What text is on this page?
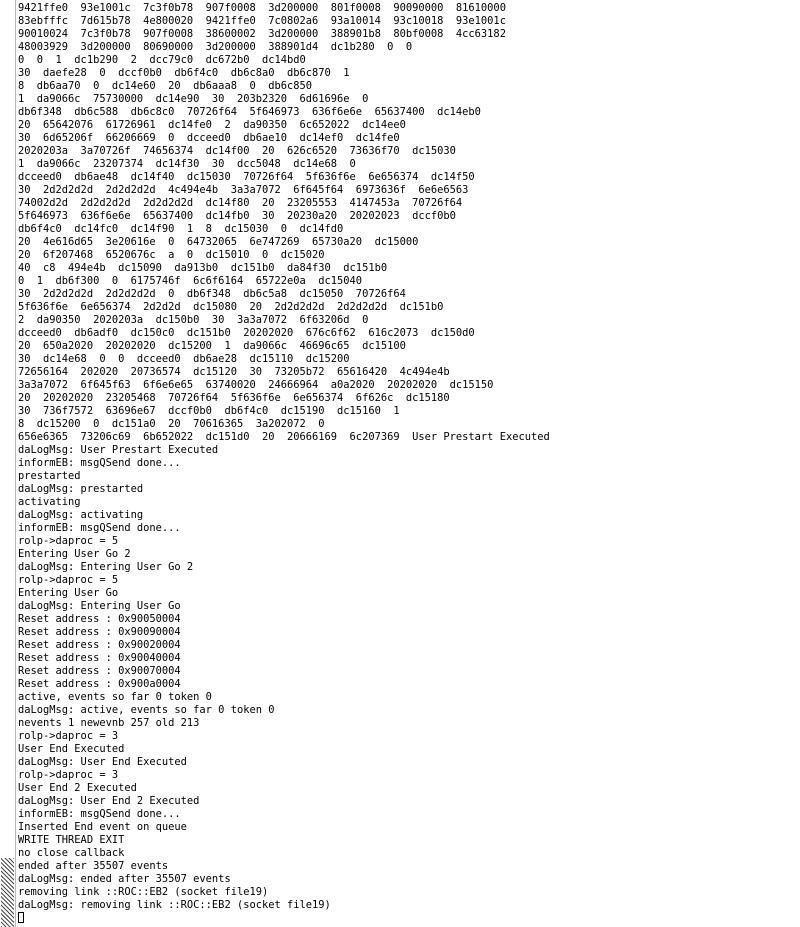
9421ffe0  93e1001c  7c3f0b78  907f0008  3d200000  801f0008  90090000  81610000
83ebfffc  7d615b78  4e800020  9421ffe0  7c0802a6  93a10014  93c10018  93e1001c
90010024  7c3f0b78  907f0008  38600002  3d200000  388901b8  80bf0008  4cc63182
48003929  3d200000  80690000  3d200000  388901d4  dc1b280  0  0
0  0  1  dc1b290  2  dcc79c0  dc672b0  dc14bd0
30  daefe28  0  dccf0b0  db6f4c0  db6c8a0  db6c870  1
8  db6aa70  0  dc14e60  20  db6aaa8  0  db6c850
1  da9066c  75730000  dc14e90  30  203b2320  6d61696e  0
db6f348  db6c588  db6c8c0  70726f64  5f646973  636f6e6e  65637400  dc14eb0
20  65642076  61726961  dc14fe0  2  da90350  6c652022  dc14ee0
30  6d65206f  66206669  0  dcceed0  db6ae10  dc14ef0  dc14fe0
2020203a  3a70726f  74656374  dc14f00  20  626c6520  73636f70  dc15030
1  da9066c  23207374  dc14f30  30  dcc5048  dc14e68  0
dcceed0  db6ae48  dc14f40  dc15030  70726f64  5f636f6e  6e656374  dc14f50
30  2d2d2d2d  2d2d2d2d  4c494e4b  3a3a7072  6f645f64  6973636f  6e6e6563
74002d2d  2d2d2d2d  2d2d2d2d  dc14f80  20  23205553  4147453a  70726f64
5f646973  636f6e6e  65637400  dc14fb0  30  20230a20  20202023  dccf0b0
db6f4c0  dc14fc0  dc14f90  1  8  dc15030  0  dc14fd0
20  4e616d65  3e20616e  0  64732065  6e747269  65730a20  dc15000
20  6f207468  6520676c  a  0  dc15010  0  dc15020
40  c8  494e4b  dc15090  da913b0  dc151b0  da84f30  dc151b0
0  1  db6f300  0  6175746f  6c6f6164  65722e0a  dc15040
30  2d2d2d2d  2d2d2d2d  0  db6f348  db6c5a8  dc15050  70726f64
5f636f6e  6e656374  2d2d2d  dc15080  20  2d2d2d2d  2d2d2d2d  dc151b0
2  da90350  2020203a  dc150b0  30  3a3a7072  6f63206d  0
dcceed0  db6adf0  dc150c0  dc151b0  20202020  676c6f62  616c2073  dc150d0
20  650a2020  20202020  dc15200  1  da9066c  46696c65  dc15100
30  dc14e68  0  0  dcceed0  db6ae28  dc15110  dc15200
72656164  202020  20736574  dc15120  30  73205b72  65616420  4c494e4b
3a3a7072  6f645f63  6f6e6e65  63740020  24666964  a0a2020  20202020  dc15150
20  20202020  23205468  70726f64  5f636f6e  6e656374  6f626c  dc15180
30  736f7572  63696e67  dccf0b0  db6f4c0  dc15190  dc15160  1
8  dc15200  0  dc151a0  20  70616365  3a202072  0
656e6365  73206c69  6b652022  dc151d0  20  20666169  6c207369  User Prestart Executed
daLogMsg: User Prestart Executed
informEB: msgQSend done...
prestarted
daLogMsg: prestarted
activating
daLogMsg: activating
informEB: msgQSend done...
rolp->daproc = 5
Entering User Go 2
daLogMsg: Entering User Go 2
rolp->daproc = 5
Entering User Go
daLogMsg: Entering User Go
Reset address : 0x90050004
Reset address : 0x90090004
Reset address : 0x90020004
Reset address : 0x90040004
Reset address : 0x90070004
Reset address : 0x900a0004
active, events so far 0 token 0
daLogMsg: active, events so far 0 token 0
nevents 1 newevnb 257 old 213
rolp->daproc = 3
User End Executed
daLogMsg: User End Executed
rolp->daproc = 3
User End 2 Executed
daLogMsg: User End 2 Executed
informEB: msgQSend done...
Inserted End event on queue
WRITE THREAD EXIT
no close callback
ended after 35507 events
daLogMsg: ended after 35507 events
removing link ::ROC::EB2 (socket file19)
daLogMsg: removing link ::ROC::EB2 (socket file19)
